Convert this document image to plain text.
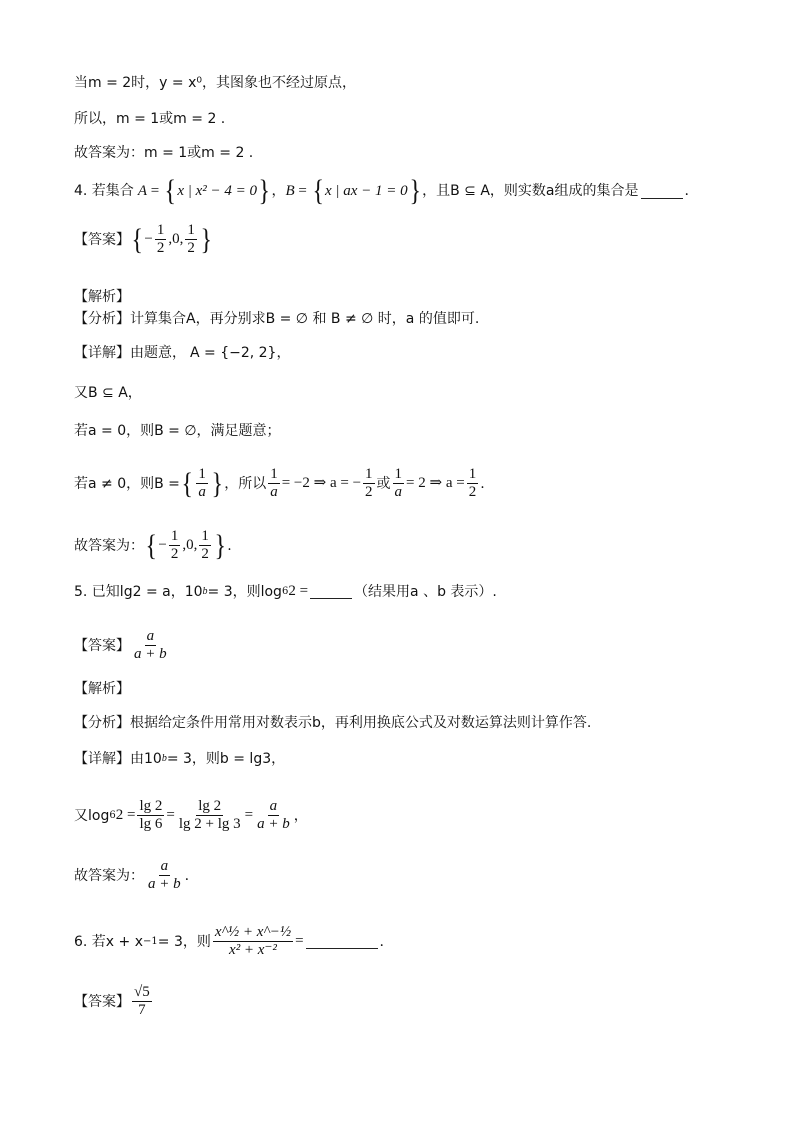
当m = 2时，y = x⁰，其图象也不经过原点，
所以，m = 1或m = 2 .
故答案为：m = 1或m = 2 .
4. 若集合 A = { x | x² − 4 = 0 } ， B = { x | ax − 1 = 0 } ，且B ⊆ A，则实数a组成的集合是	.
【答案】 { − $\frac{1}{2}$ , 0 , $\frac{1}{2}$ }
【解析】
【分析】 计算集合A，再分别求B = ∅ 和 B ≠ ∅ 时，a 的值即可.
【详解】 由题意， A = {−2, 2}，
又B ⊆ A，
若a = 0，则B = ∅，满足题意；
若a ≠ 0，则B = { $\frac{1}{a}$ } ，所以 $\frac{1}{a} = -2$ ⇒ a = − $\frac{1}{2}$ 或 $\frac{1}{a} = 2$ ⇒ $a = \frac{1}{2}$ .
故答案为： { − $\frac{1}{2}$ , 0 , $\frac{1}{2}$ } .
5. 已知lg2 = a，10 b = 3，则log 6 2 =	（结果用a 、b 表示）.
【答案】 $\frac{a}{a + b}$
【解析】
【分析】 根据给定条件用常用对数表示b，再利用换底公式及对数运算法则计算作答.
【详解】 由10 b = 3，则b = lg3，
又log 6 $2 = \frac{\lg 2}{\lg 6} = \frac{\lg 2}{\lg 2 + \lg 3} = \frac{a}{a + b}$ ，
故答案为： $\frac{a}{a + b}$ .
6. 若x + x −1 = 3，则 $\frac{\text{x\textasciicircum{}½ + x\textasciicircum{}−½}}{\text{x² + x⁻²}}$ =	.
【答案】 $\frac{√5}{7}$
